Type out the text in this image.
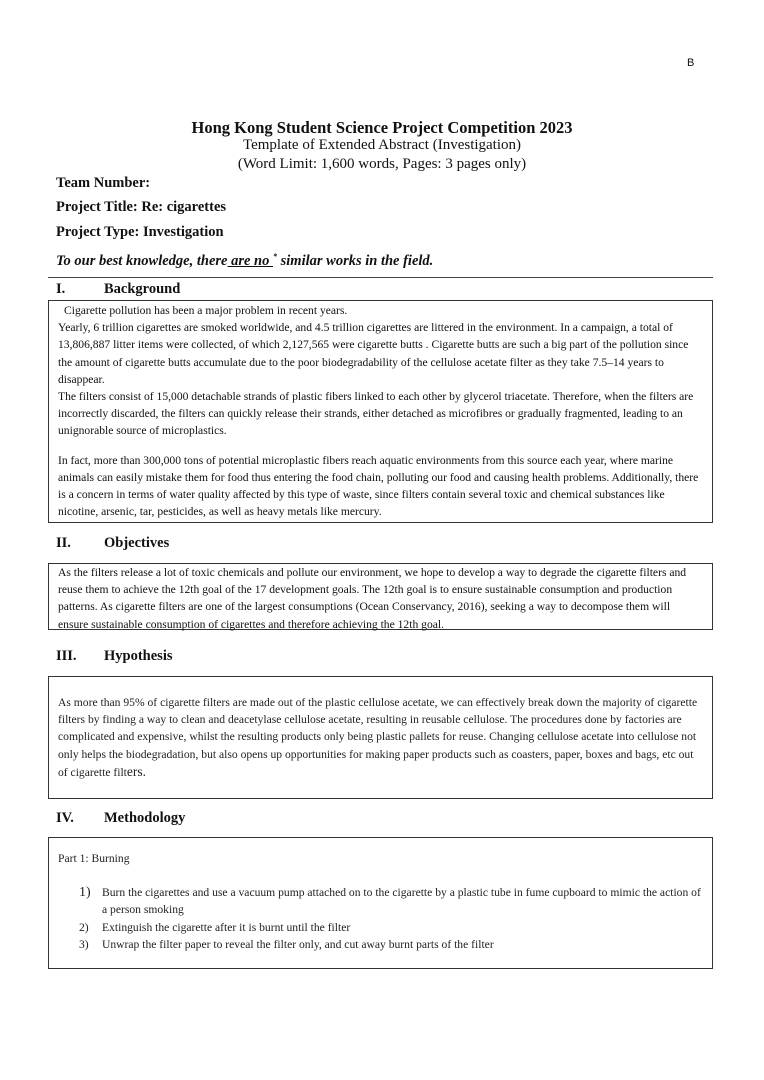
B
Hong Kong Student Science Project Competition 2023
Template of Extended Abstract (Investigation)
(Word Limit: 1,600 words, Pages: 3 pages only)
Team Number:
Project Title: Re: cigarettes
Project Type: Investigation
To our best knowledge, there are no * similar works in the field.
I.	Background

Cigarette pollution has been a major problem in recent years.

Yearly, 6 trillion cigarettes are smoked worldwide, and 4.5 trillion cigarettes are littered in the environment. In a campaign, a total of 13,806,887 litter items were collected, of which 2,127,565 were cigarette butts . Cigarette butts are such a big part of the pollution since the amount of cigarette butts accumulate due to the poor biodegradability of the cellulose acetate filter as they take 7.5–14 years to disappear.

The filters consist of 15,000 detachable strands of plastic fibers linked to each other by glycerol triacetate. Therefore, when the filters are incorrectly discarded, the filters can quickly release their strands, either detached as microfibres or gradually fragmented, leading to an unignorable source of microplastics.

In fact, more than 300,000 tons of potential microplastic fibers reach aquatic environments from this source each year, where marine animals can easily mistake them for food thus entering the food chain, polluting our food and causing health problems. Additionally, there is a concern in terms of water quality affected by this type of waste, since filters contain several toxic and chemical substances like nicotine, arsenic, tar, pesticides, as well as heavy metals like mercury.

II. Objectives

As the filters release a lot of toxic chemicals and pollute our environment, we hope to develop a way to degrade the cigarette filters and reuse them to achieve the 12th goal of the 17 development goals. The 12th goal is to ensure sustainable consumption and production patterns. As cigarette filters are one of the largest consumptions (Ocean Conservancy, 2016), seeking a way to decompose them will ensure sustainable consumption of cigarettes and therefore achieving the 12th goal.

III. Hypothesis

As more than 95% of cigarette filters are made out of the plastic cellulose acetate, we can effectively break down the majority of cigarette filters by finding a way to clean and deacetylase cellulose acetate, resulting in reusable cellulose. The procedures done by factories are complicated and expensive, whilst the resulting products only being plastic pallets for reuse. Changing cellulose acetate into cellulose not only helps the biodegradation, but also opens up opportunities for making paper products such as coasters, paper, boxes and bags, etc out of cigarette filters.

IV. Methodology

Part 1: Burning

1) Burn the cigarettes and use a vacuum pump attached on to the cigarette by a plastic tube in fume cupboard to mimic the action of a person smoking
2) Extinguish the cigarette after it is burnt until the filter
3) Unwrap the filter paper to reveal the filter only, and cut away burnt parts of the filter
